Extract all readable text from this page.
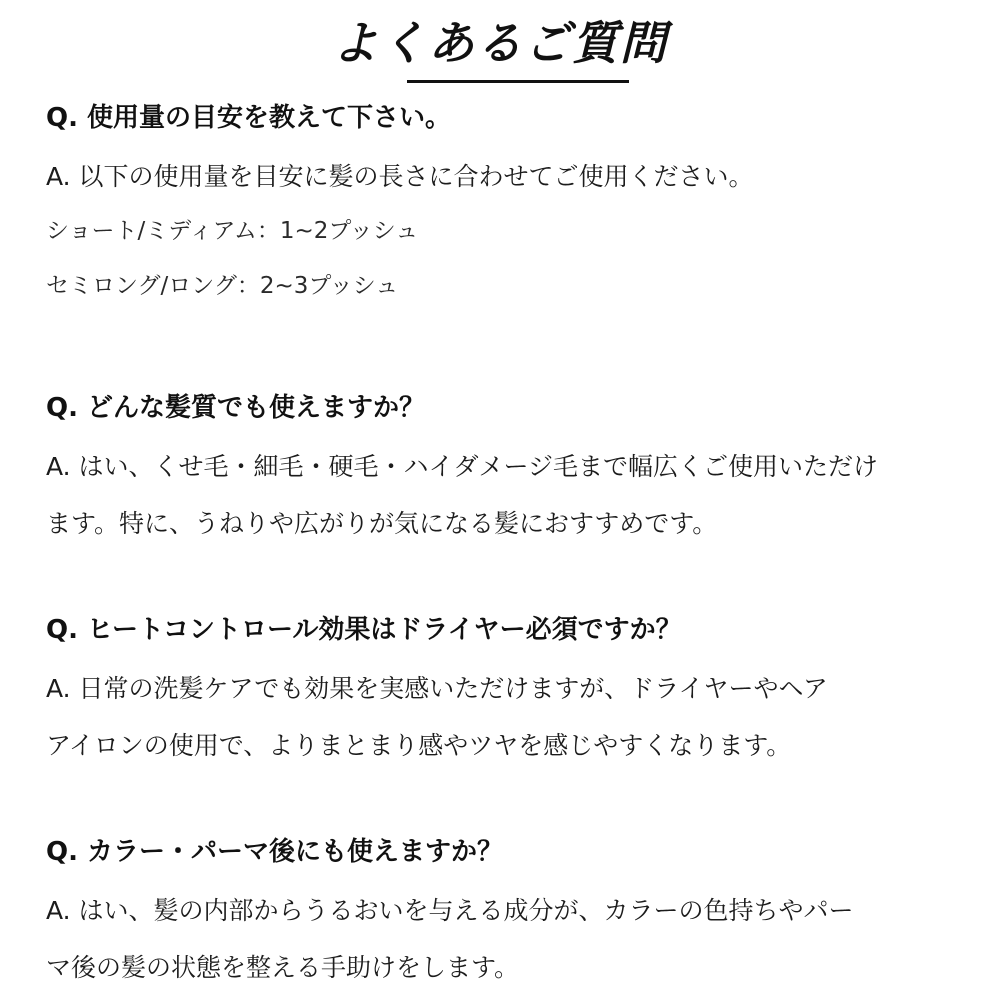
よくあるご質問
Q. 使用量の目安を教えて下さい。
A. 以下の使用量を目安に髪の長さに合わせてご使用ください。
ショート/ミディアム：1~2プッシュ
セミロング/ロング：2~3プッシュ
Q. どんな髪質でも使えますか？
A. はい、くせ毛・細毛・硬毛・ハイダメージ毛まで幅広くご使用いただけ
ます。特に、うねりや広がりが気になる髪におすすめです。
Q. ヒートコントロール効果はドライヤー必須ですか？
A. 日常の洗髪ケアでも効果を実感いただけますが、ドライヤーやヘア
アイロンの使用で、よりまとまり感やツヤを感じやすくなります。
Q. カラー・パーマ後にも使えますか？
A. はい、髪の内部からうるおいを与える成分が、カラーの色持ちやパー
マ後の髪の状態を整える手助けをします。
